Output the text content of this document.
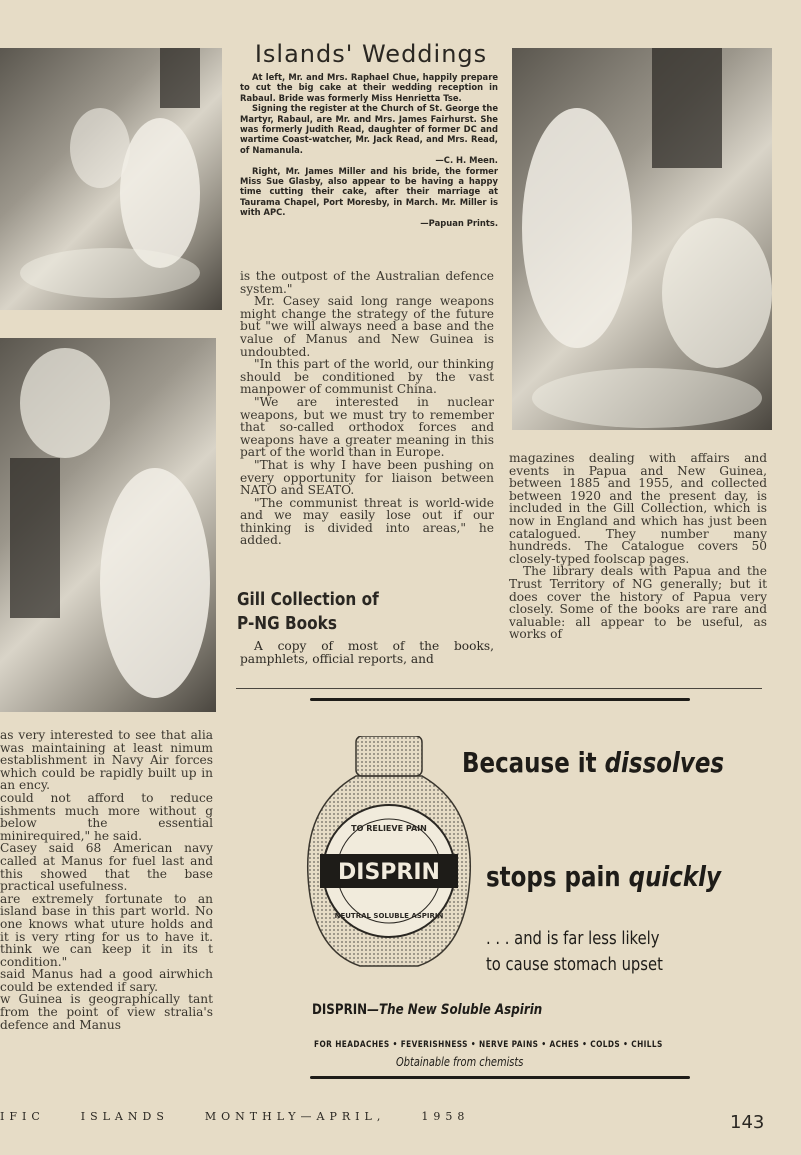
Islands' Weddings

At left, Mr. and Mrs. Raphael Chue, happily prepare to cut the big cake at their wedding reception in Rabaul. Bride was formerly Miss Henrietta Tse.

Signing the register at the Church of St. George the Martyr, Rabaul, are Mr. and Mrs. James Fairhurst. She was formerly Judith Read, daughter of former DC and wartime Coast-watcher, Mr. Jack Read, and Mrs. Read, of Namanula.

—C. H. Meen.

Right, Mr. James Miller and his bride, the former Miss Sue Glasby, also appear to be having a happy time cutting their cake, after their marriage at Taurama Chapel, Port Moresby, in March. Mr. Miller is with APC.

—Papuan Prints.

is the outpost of the Australian defence system."

Mr. Casey said long range weapons might change the strategy of the future but "we will always need a base and the value of Manus and New Guinea is undoubted.

"In this part of the world, our thinking should be conditioned by the vast manpower of communist China.

"We are interested in nuclear weapons, but we must try to remember that so-called orthodox forces and weapons have a greater meaning in this part of the world than in Europe.

"That is why I have been pushing on every opportunity for liaison between NATO and SEATO.

"The communist threat is world-wide and we may easily lose out if our thinking is divided into areas," he added.

Gill Collection of
P-NG Books

A copy of most of the books, pamphlets, official reports, and

magazines dealing with affairs and events in Papua and New Guinea, between 1885 and 1955, and collected between 1920 and the present day, is included in the Gill Collection, which is now in England and which has just been catalogued. They number many hundreds. The Catalogue covers 50 closely-typed foolscap pages.

The library deals with Papua and the Trust Territory of NG generally; but it does cover the history of Papua very closely. Some of the books are rare and valuable: all appear to be useful, as works of

as very interested to see that alia was maintaining at least nimum establishment in Navy Air forces which could be rapidly built up in an ency.

could not afford to reduce ishments much more without g below the essential minirequired," he said.

Casey said 68 American navy called at Manus for fuel last and this showed that the base practical usefulness.

are extremely fortunate to an island base in this part world. No one knows what uture holds and it is very rting for us to have it. think we can keep it in its t condition."

said Manus had a good airwhich could be extended if sary.

w Guinea is geographically tant from the point of view stralia's defence and Manus

DISPRIN
TO RELIEVE PAIN
NEUTRAL SOLUBLE ASPIRIN
Because it dissolves
stops pain quickly
. . . and is far less likely
to cause stomach upset
DISPRIN—The New Soluble Aspirin
FOR HEADACHES • FEVERISHNESS • NERVE PAINS • ACHES • COLDS • CHILLS
Obtainable from chemists
IFIC	ISLANDS	MONTHLY—APRIL,	1958	143
